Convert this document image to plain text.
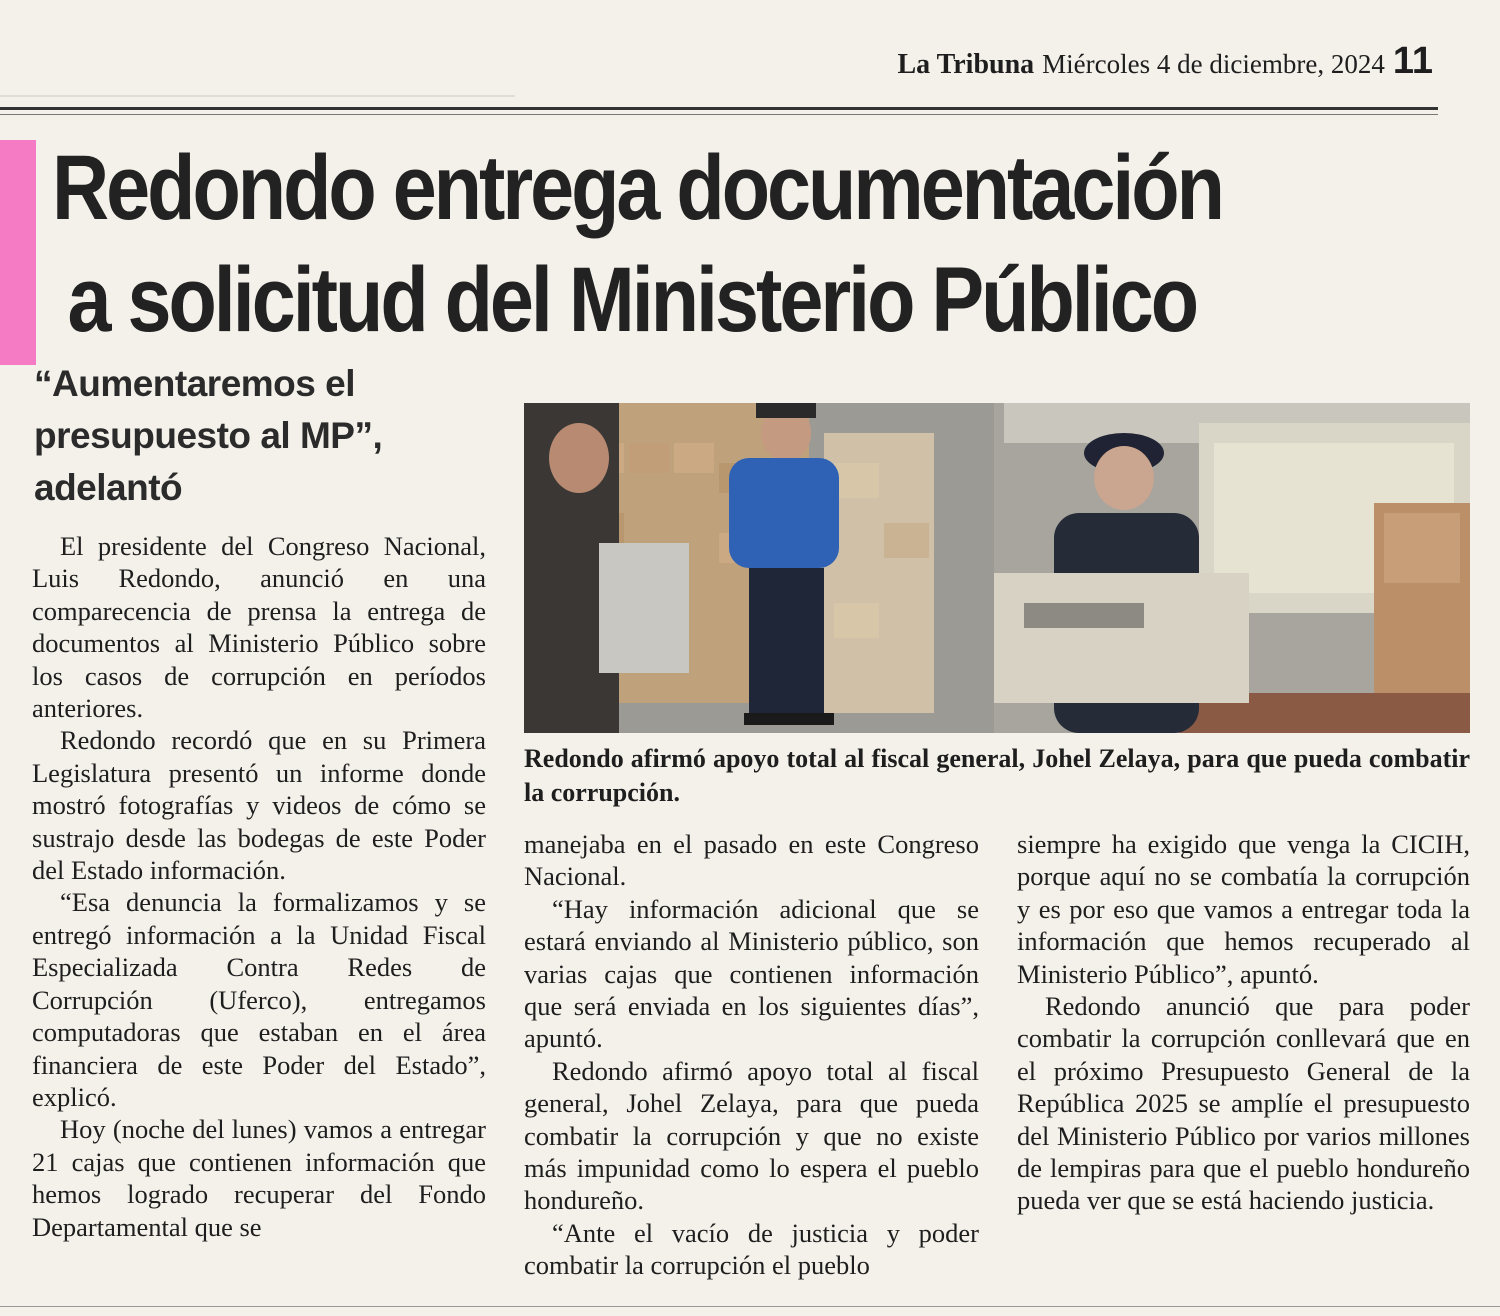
La Tribuna Miércoles 4 de diciembre, 2024 11
Redondo entrega documentación
a solicitud del Ministerio Público
“Aumentaremos el presupuesto al MP”, adelantó

El presidente del Congreso Nacional, Luis Redondo, anunció en una comparecencia de prensa la entrega de documentos al Ministerio Público sobre los casos de corrupción en períodos anteriores.

Redondo recordó que en su Primera Legislatura presentó un informe donde mostró fotografías y videos de cómo se sustrajo desde las bodegas de este Poder del Estado información.

“Esa denuncia la formalizamos y se entregó información a la Unidad Fiscal Especializada Contra Redes de Corrupción (Uferco), entregamos computadoras que estaban en el área financiera de este Poder del Estado”, explicó.

Hoy (noche del lunes) vamos a entregar 21 cajas que contienen información que hemos logrado recuperar del Fondo Departamental que se

Redondo afirmó apoyo total al fiscal general, Johel Zelaya, para que pueda combatir la corrupción.

manejaba en el pasado en este Congreso Nacional.

“Hay información adicional que se estará enviando al Ministerio público, son varias cajas que contienen información que será enviada en los siguientes días”, apuntó.

Redondo afirmó apoyo total al fiscal general, Johel Zelaya, para que pueda combatir la corrupción y que no existe más impunidad como lo espera el pueblo hondureño.

“Ante el vacío de justicia y poder combatir la corrupción el pueblo

siempre ha exigido que venga la CICIH, porque aquí no se combatía la corrupción y es por eso que vamos a entregar toda la información que hemos recuperado al Ministerio Público”, apuntó.

Redondo anunció que para poder combatir la corrupción conllevará que en el próximo Presupuesto General de la República 2025 se amplíe el presupuesto del Ministerio Público por varios millones de lempiras para que el pueblo hondureño pueda ver que se está haciendo justicia.
